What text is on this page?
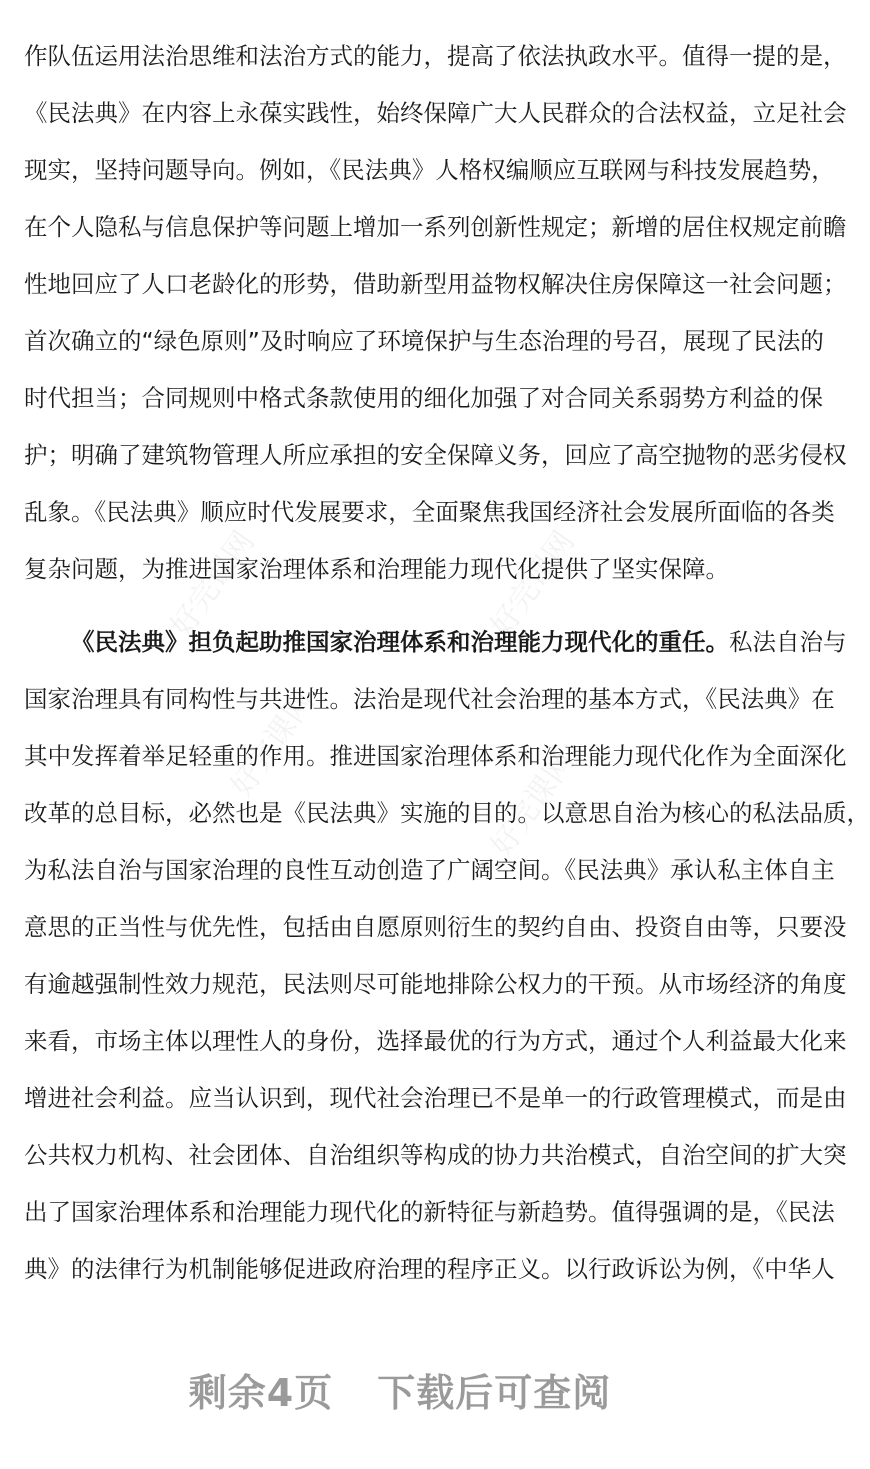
好完课网	好完课网
好完课网
好完课网
作队伍运用法治思维和法治方式的能力，提高了依法执政水平。值得一提的是，
《民法典》在内容上永葆实践性，始终保障广大人民群众的合法权益，立足社会
现实，坚持问题导向。例如，《民法典》人格权编顺应互联网与科技发展趋势，
在个人隐私与信息保护等问题上增加一系列创新性规定；新增的居住权规定前瞻
性地回应了人口老龄化的形势，借助新型用益物权解决住房保障这一社会问题；
首次确立的“绿色原则”及时响应了环境保护与生态治理的号召，展现了民法的
时代担当；合同规则中格式条款使用的细化加强了对合同关系弱势方利益的保
护；明确了建筑物管理人所应承担的安全保障义务，回应了高空抛物的恶劣侵权
乱象。《民法典》顺应时代发展要求，全面聚焦我国经济社会发展所面临的各类
复杂问题，为推进国家治理体系和治理能力现代化提供了坚实保障。
《民法典》担负起助推国家治理体系和治理能力现代化的重任。私法自治与
国家治理具有同构性与共进性。法治是现代社会治理的基本方式，《民法典》在
其中发挥着举足轻重的作用。推进国家治理体系和治理能力现代化作为全面深化
改革的总目标，必然也是《民法典》实施的目的。以意思自治为核心的私法品质，
为私法自治与国家治理的良性互动创造了广阔空间。《民法典》承认私主体自主
意思的正当性与优先性，包括由自愿原则衍生的契约自由、投资自由等，只要没
有逾越强制性效力规范，民法则尽可能地排除公权力的干预。从市场经济的角度
来看，市场主体以理性人的身份，选择最优的行为方式，通过个人利益最大化来
增进社会利益。应当认识到，现代社会治理已不是单一的行政管理模式，而是由
公共权力机构、社会团体、自治组织等构成的协力共治模式，自治空间的扩大突
出了国家治理体系和治理能力现代化的新特征与新趋势。值得强调的是，《民法
典》的法律行为机制能够促进政府治理的程序正义。以行政诉讼为例，《中华人
剩余4页 下载后可查阅
